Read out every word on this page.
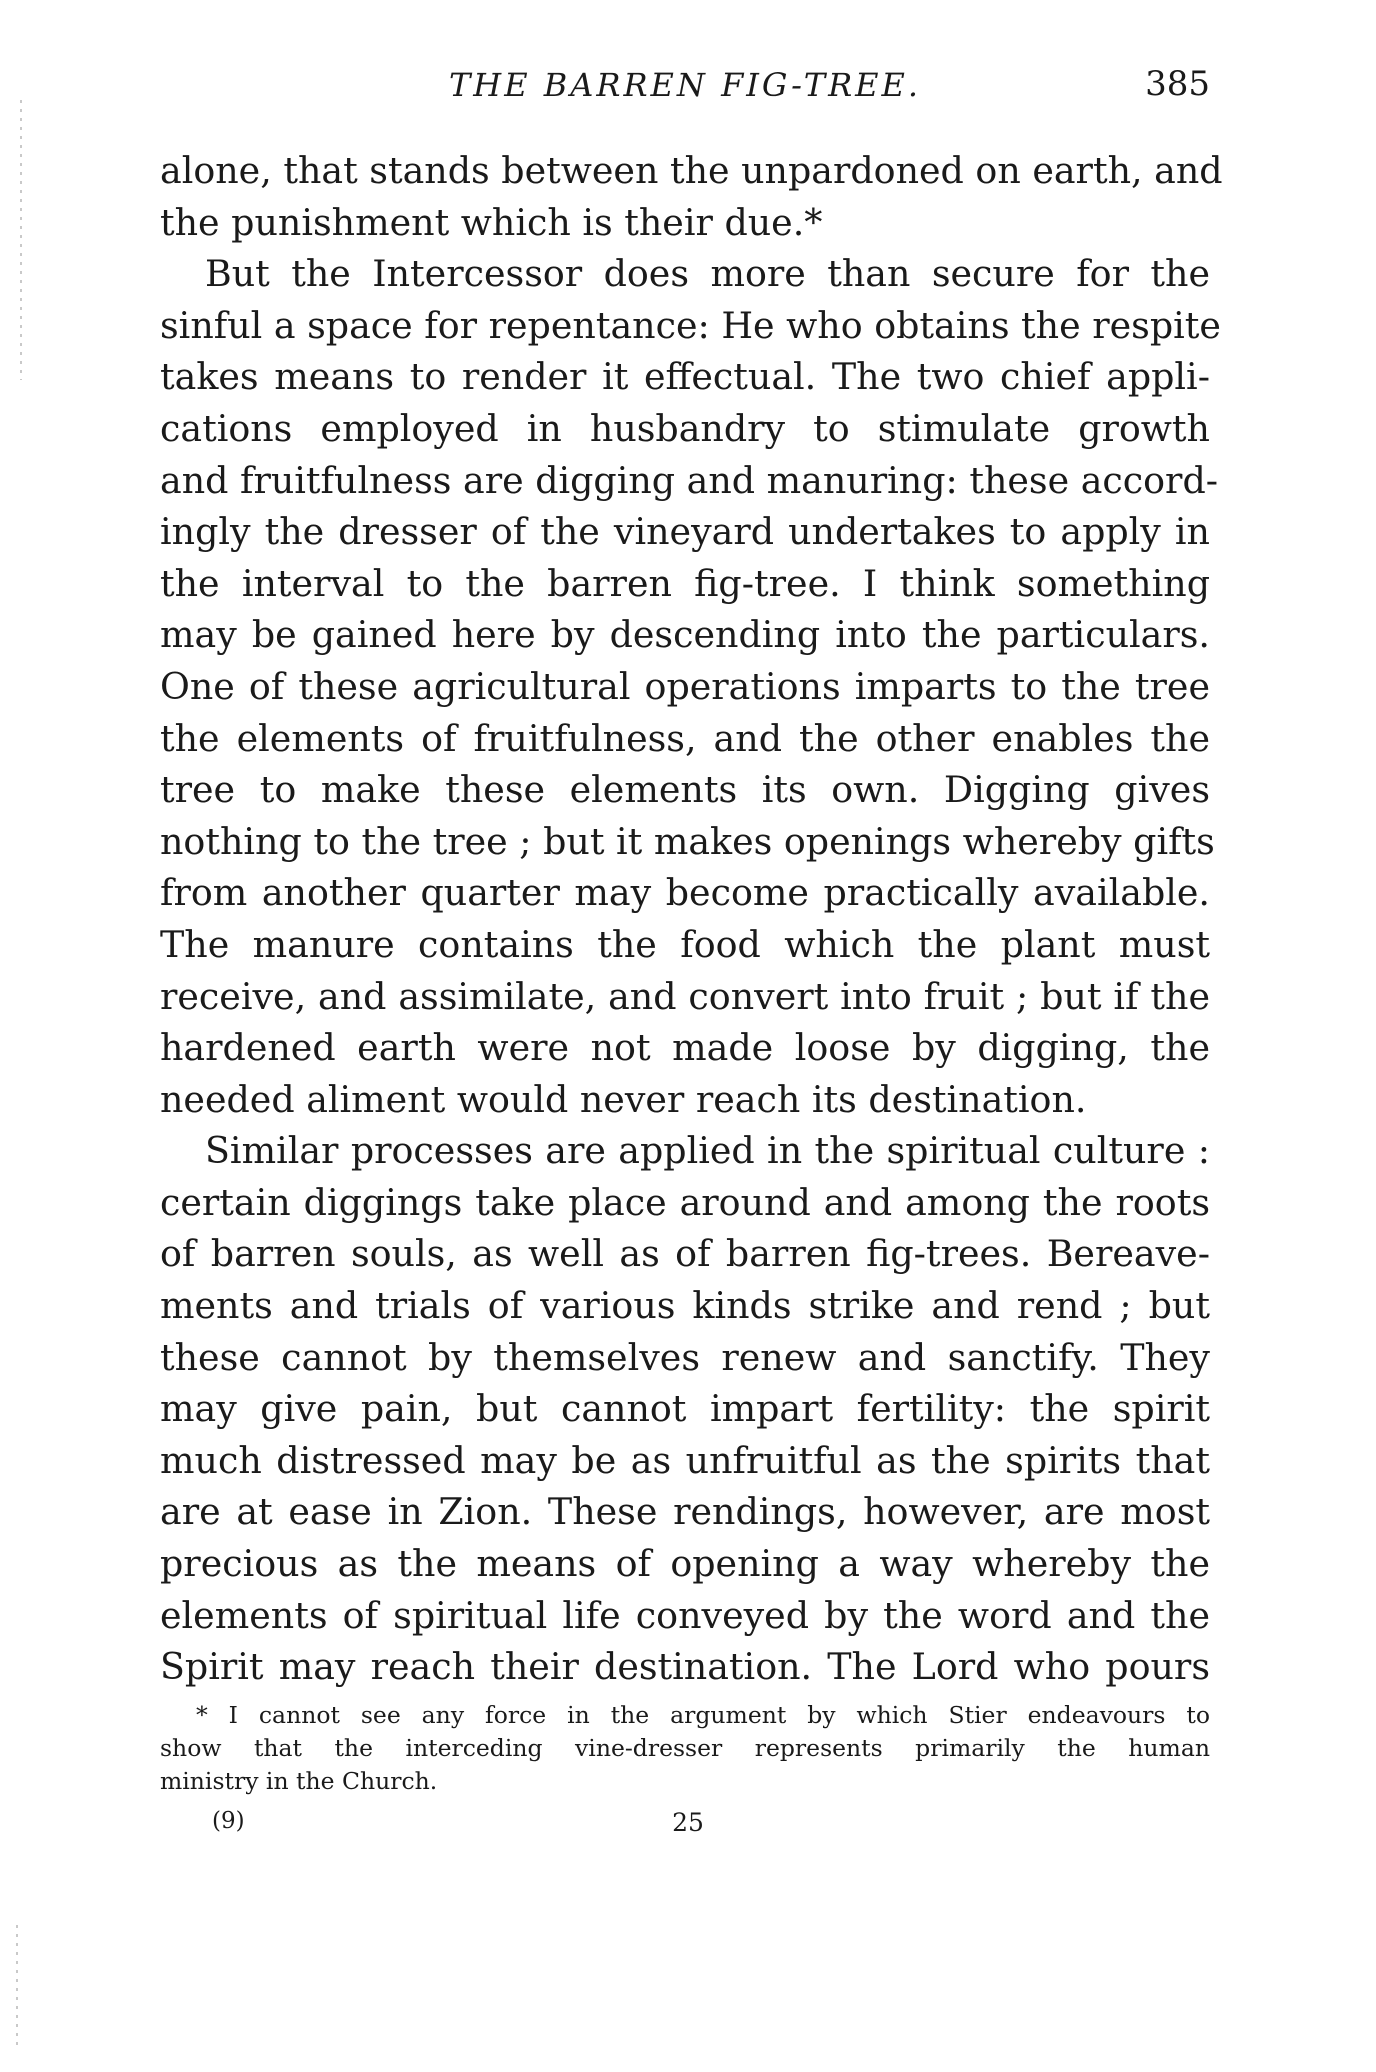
THE BARREN FIG-TREE.	385
alone, that stands between the unpardoned on earth, and
the punishment which is their due.*
But the Intercessor does more than secure for the
sinful a space for repentance: He who obtains the respite
takes means to render it effectual. The two chief appli-
cations employed in husbandry to stimulate growth
and fruitfulness are digging and manuring: these accord-
ingly the dresser of the vineyard undertakes to apply in
the interval to the barren fig-tree. I think something
may be gained here by descending into the particulars.
One of these agricultural operations imparts to the tree
the elements of fruitfulness, and the other enables the
tree to make these elements its own. Digging gives
nothing to the tree ; but it makes openings whereby gifts
from another quarter may become practically available.
The manure contains the food which the plant must
receive, and assimilate, and convert into fruit ; but if the
hardened earth were not made loose by digging, the
needed aliment would never reach its destination.
Similar processes are applied in the spiritual culture :
certain diggings take place around and among the roots
of barren souls, as well as of barren fig-trees. Bereave-
ments and trials of various kinds strike and rend ; but
these cannot by themselves renew and sanctify. They
may give pain, but cannot impart fertility: the spirit
much distressed may be as unfruitful as the spirits that
are at ease in Zion. These rendings, however, are most
precious as the means of opening a way whereby the
elements of spiritual life conveyed by the word and the
Spirit may reach their destination. The Lord who pours
* I cannot see any force in the argument by which Stier endeavours to
show that the interceding vine-dresser represents primarily the human
ministry in the Church.
(9)	25
